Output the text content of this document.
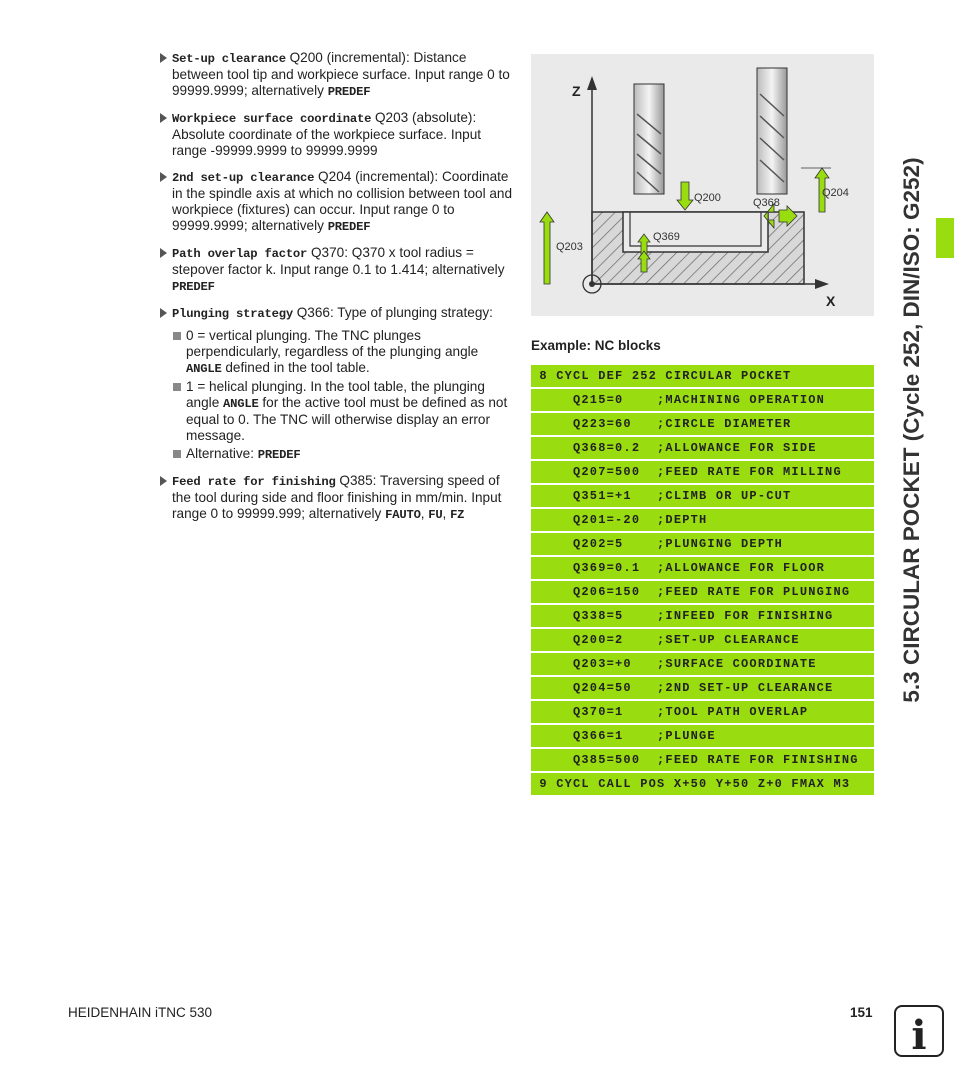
Set-up clearance Q200 (incremental): Distance between tool tip and workpiece surface. Input range 0 to 99999.9999; alternatively PREDEF
Workpiece surface coordinate Q203 (absolute): Absolute coordinate of the workpiece surface. Input range -99999.9999 to 99999.9999
2nd set-up clearance Q204 (incremental): Coordinate in the spindle axis at which no collision between tool and workpiece (fixtures) can occur. Input range 0 to 99999.9999; alternatively PREDEF
Path overlap factor Q370: Q370 x tool radius = stepover factor k. Input range 0.1 to 1.414; alternatively PREDEF
Plunging strategy Q366: Type of plunging strategy:
0 = vertical plunging. The TNC plunges perpendicularly, regardless of the plunging angle ANGLE defined in the tool table.
1 = helical plunging. In the tool table, the plunging angle ANGLE for the active tool must be defined as not equal to 0. The TNC will otherwise display an error message.
Alternative: PREDEF
Feed rate for finishing Q385: Traversing speed of the tool during side and floor finishing in mm/min. Input range 0 to 99999.999; alternatively FAUTO, FU, FZ
Z
X
Q200	Q368
Q204
Q369
Q203
Example: NC blocks
8 CYCL DEF 252 CIRCULAR POCKET
Q215=0    ;MACHINING OPERATION
Q223=60   ;CIRCLE DIAMETER
Q368=0.2  ;ALLOWANCE FOR SIDE
Q207=500  ;FEED RATE FOR MILLING
Q351=+1   ;CLIMB OR UP-CUT
Q201=-20  ;DEPTH
Q202=5    ;PLUNGING DEPTH
Q369=0.1  ;ALLOWANCE FOR FLOOR
Q206=150  ;FEED RATE FOR PLUNGING
Q338=5    ;INFEED FOR FINISHING
Q200=2    ;SET-UP CLEARANCE
Q203=+0   ;SURFACE COORDINATE
Q204=50   ;2ND SET-UP CLEARANCE
Q370=1    ;TOOL PATH OVERLAP
Q366=1    ;PLUNGE
Q385=500  ;FEED RATE FOR FINISHING
9 CYCL CALL POS X+50 Y+50 Z+0 FMAX M3
5.3 CIRCULAR POCKET (Cycle 252, DIN/ISO: G252)
HEIDENHAIN iTNC 530	151 i
